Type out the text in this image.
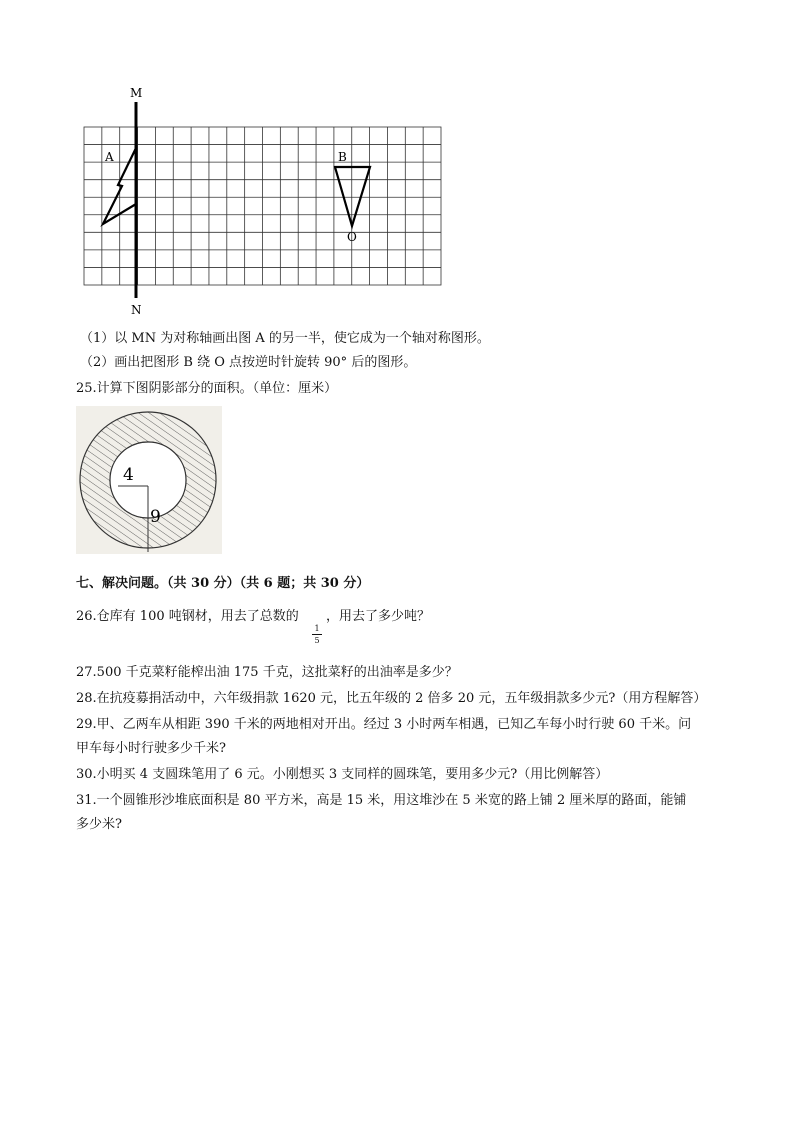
M
N
A	B
O
（1）以 MN 为对称轴画出图 A 的另一半，使它成为一个轴对称图形。
（2）画出把图形 B 绕 O 点按逆时针旋转 90° 后的图形。
25.计算下图阴影部分的面积。（单位：厘米）
4
9
七、解决问题。（共 30 分）（共 6 题；共 30 分）
26.仓库有 100 吨钢材，用去了总数的
1
5
，用去了多少吨？
27.500 千克菜籽能榨出油 175 千克，这批菜籽的出油率是多少？
28.在抗疫募捐活动中，六年级捐款 1620 元，比五年级的 2 倍多 20 元，五年级捐款多少元?（用方程解答）
29.甲、乙两车从相距 390 千米的两地相对开出。经过 3 小时两车相遇，已知乙车每小时行驶 60 千米。问
甲车每小时行驶多少千米?
30.小明买 4 支圆珠笔用了 6 元。小刚想买 3 支同样的圆珠笔，要用多少元?（用比例解答）
31.一个圆锥形沙堆底面积是 80 平方米，高是 15 米，用这堆沙在 5 米宽的路上铺 2 厘米厚的路面，能铺
多少米?
